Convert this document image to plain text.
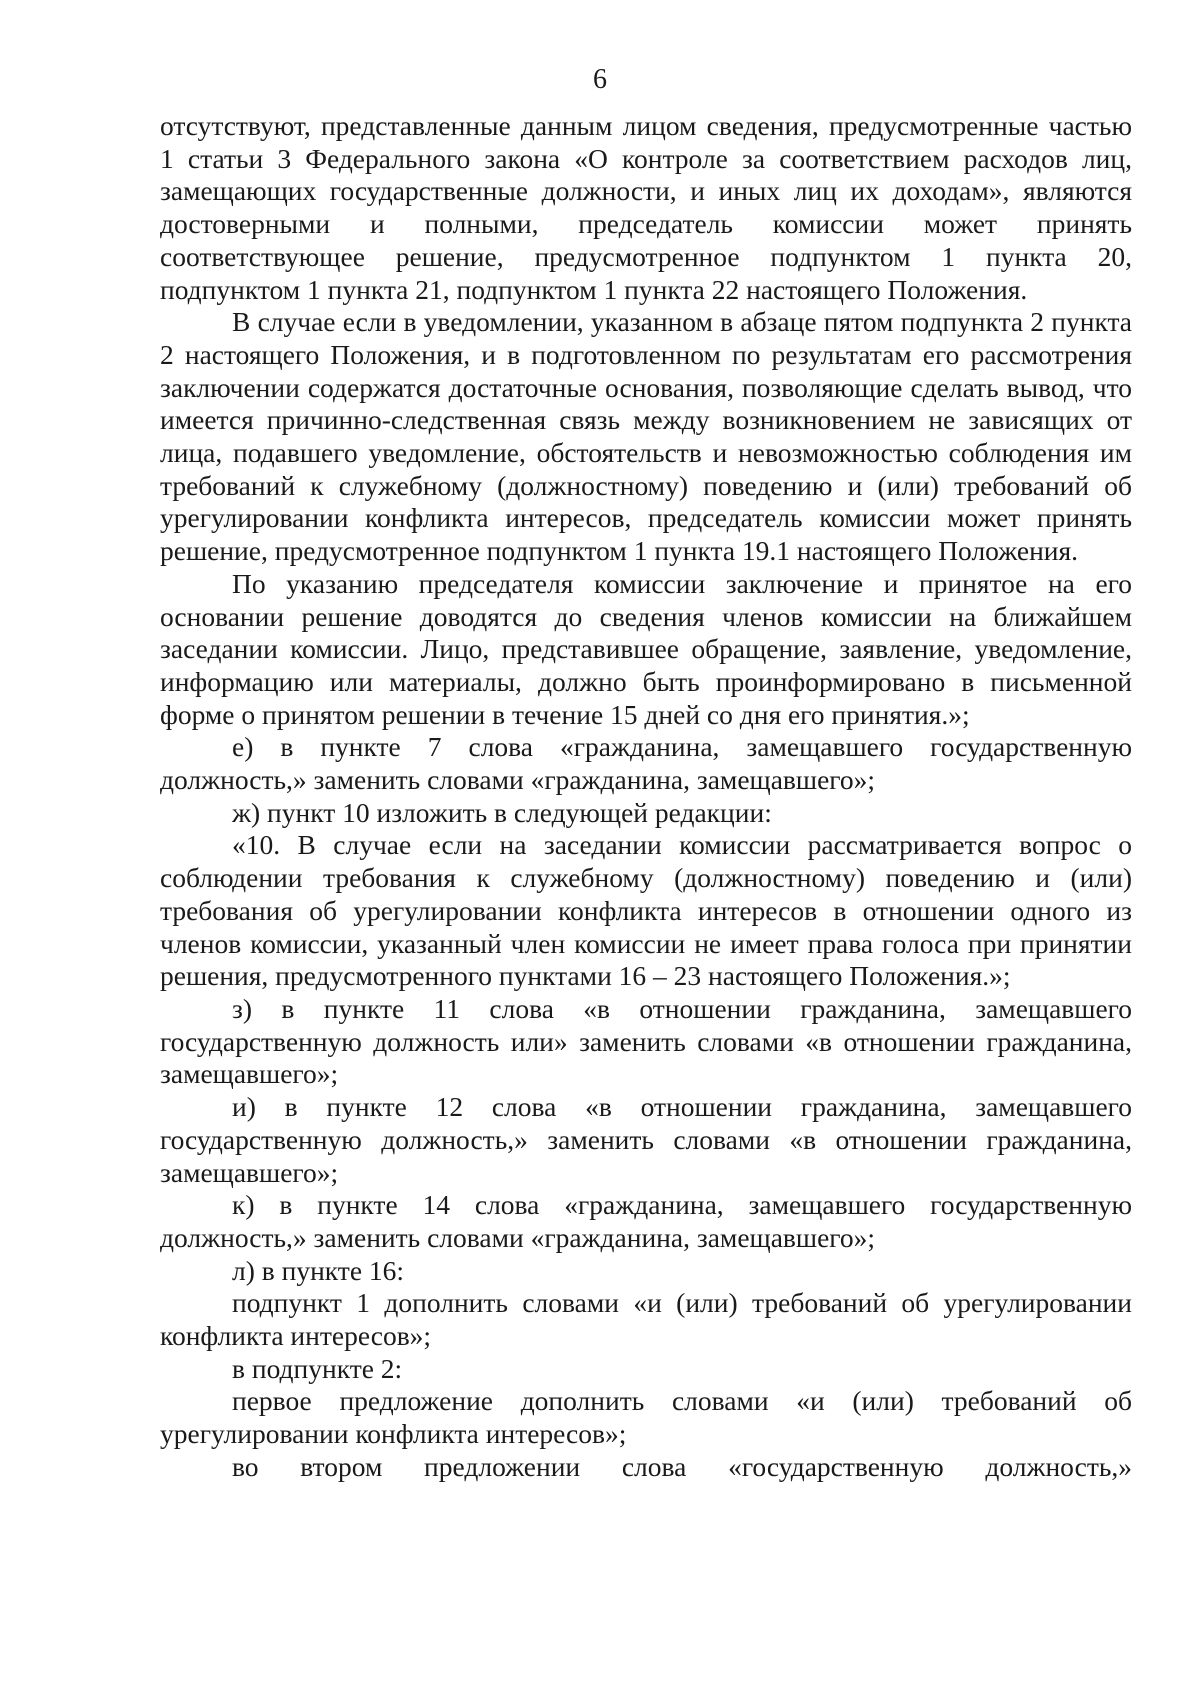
6

отсутствуют, представленные данным лицом сведения, предусмотренные частью 1 статьи 3 Федерального закона «О контроле за соответствием расходов лиц, замещающих государственные должности, и иных лиц их доходам», являются достоверными и полными, председатель комиссии может принять соответствующее решение, предусмотренное подпунктом 1 пункта 20, подпунктом 1 пункта 21, подпунктом 1 пункта 22 настоящего Положения.

В случае если в уведомлении, указанном в абзаце пятом подпункта 2 пункта 2 настоящего Положения, и в подготовленном по результатам его рассмотрения заключении содержатся достаточные основания, позволяющие сделать вывод, что имеется причинно-следственная связь между возникновением не зависящих от лица, подавшего уведомление, обстоятельств и невозможностью соблюдения им требований к служебному (должностному) поведению и (или) требований об урегулировании конфликта интересов, председатель комиссии может принять решение, предусмотренное подпунктом 1 пункта 19.1 настоящего Положения.

По указанию председателя комиссии заключение и принятое на его основании решение доводятся до сведения членов комиссии на ближайшем заседании комиссии. Лицо, представившее обращение, заявление, уведомление, информацию или материалы, должно быть проинформировано в письменной форме о принятом решении в течение 15 дней со дня его принятия.»;

е) в пункте 7 слова «гражданина, замещавшего государственную должность,» заменить словами «гражданина, замещавшего»;

ж) пункт 10 изложить в следующей редакции:

«10. В случае если на заседании комиссии рассматривается вопрос о соблюдении требования к служебному (должностному) поведению и (или) требования об урегулировании конфликта интересов в отношении одного из членов комиссии, указанный член комиссии не имеет права голоса при принятии решения, предусмотренного пунктами 16 – 23 настоящего Положения.»;

з) в пункте 11 слова «в отношении гражданина, замещавшего государственную должность или» заменить словами «в отношении гражданина, замещавшего»;

и) в пункте 12 слова «в отношении гражданина, замещавшего государственную должность,» заменить словами «в отношении гражданина, замещавшего»;

к) в пункте 14 слова «гражданина, замещавшего государственную должность,» заменить словами «гражданина, замещавшего»;

л) в пункте 16:

подпункт 1 дополнить словами «и (или) требований об урегулировании конфликта интересов»;

в подпункте 2:

первое предложение дополнить словами «и (или) требований об урегулировании конфликта интересов»;

во втором предложении слова «государственную должность,»
